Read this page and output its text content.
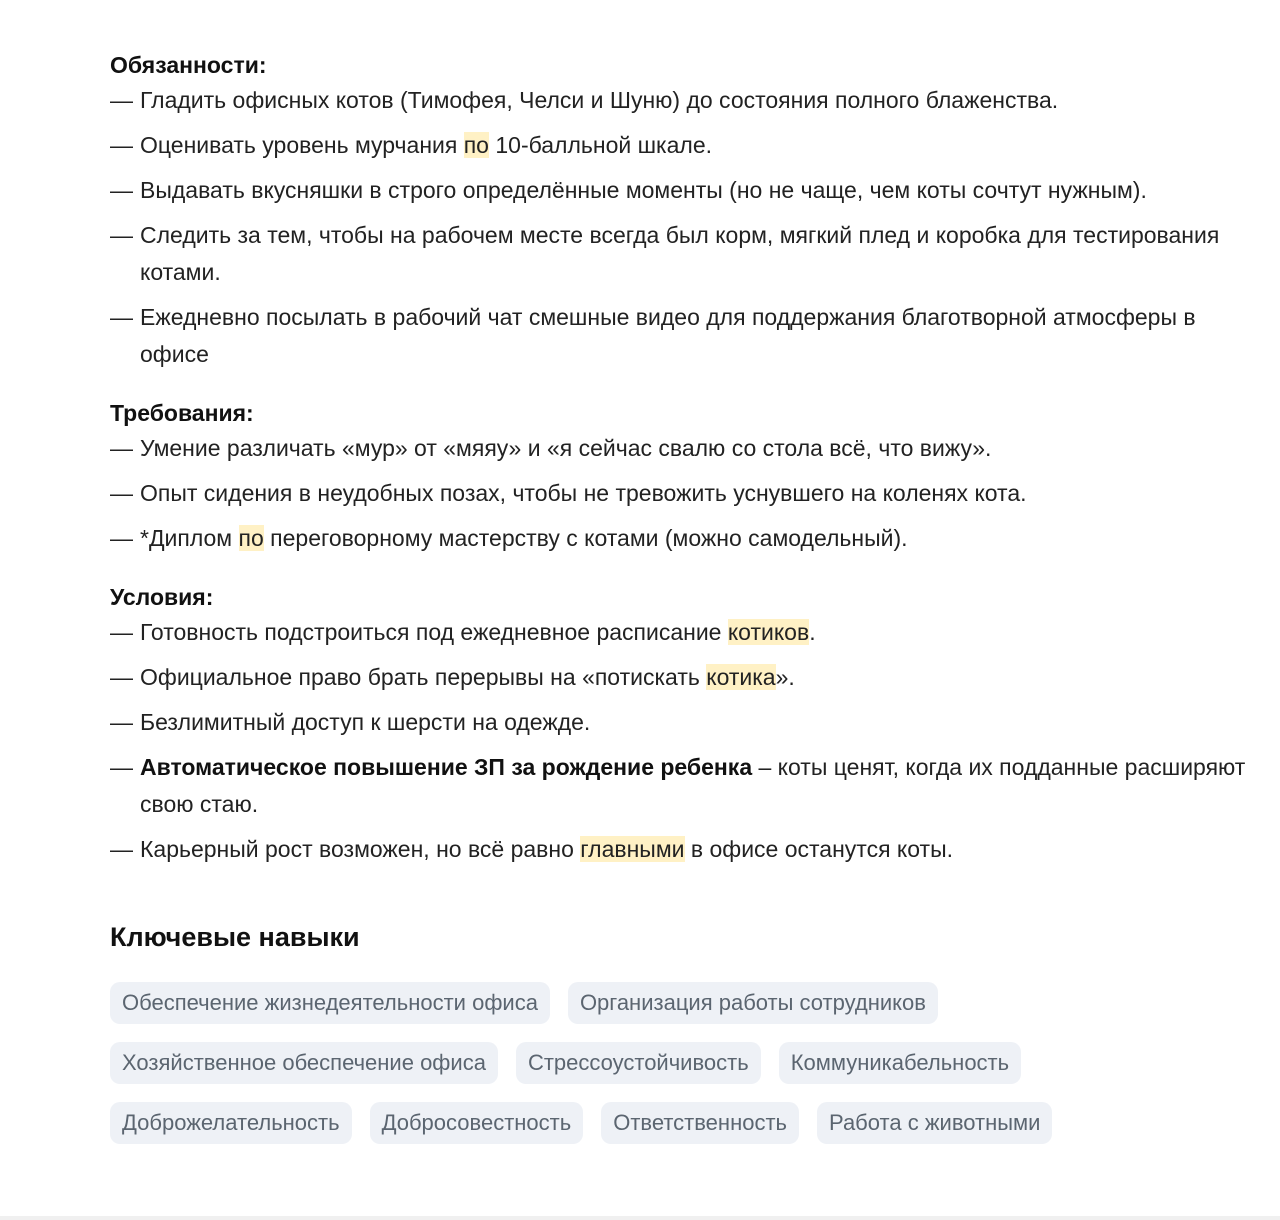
Обязанности:
— Гладить офисных котов (Тимофея, Челси и Шуню) до состояния полного блаженства.
— Оценивать уровень мурчания по 10-балльной шкале.
— Выдавать вкусняшки в строго определённые моменты (но не чаще, чем коты сочтут нужным).
— Следить за тем, чтобы на рабочем месте всегда был корм, мягкий плед и коробка для тестирования котами.
— Ежедневно посылать в рабочий чат смешные видео для поддержания благотворной атмосферы в офисе
Требования:
— Умение различать «мур» от «мяяу» и «я сейчас свалю со стола всё, что вижу».
— Опыт сидения в неудобных позах, чтобы не тревожить уснувшего на коленях кота.
— *Диплом по переговорному мастерству с котами (можно самодельный).
Условия:
— Готовность подстроиться под ежедневное расписание котиков.
— Официальное право брать перерывы на «потискать котика».
— Безлимитный доступ к шерсти на одежде.
— Автоматическое повышение ЗП за рождение ребенка – коты ценят, когда их подданные расширяют свою стаю.
— Карьерный рост возможен, но всё равно главными в офисе останутся коты.
Ключевые навыки
Обеспечение жизнедеятельности офиса	Организация работы сотрудников
Хозяйственное обеспечение офиса	Стрессоустойчивость	Коммуникабельность
Доброжелательность	Добросовестность	Ответственность	Работа с животными
